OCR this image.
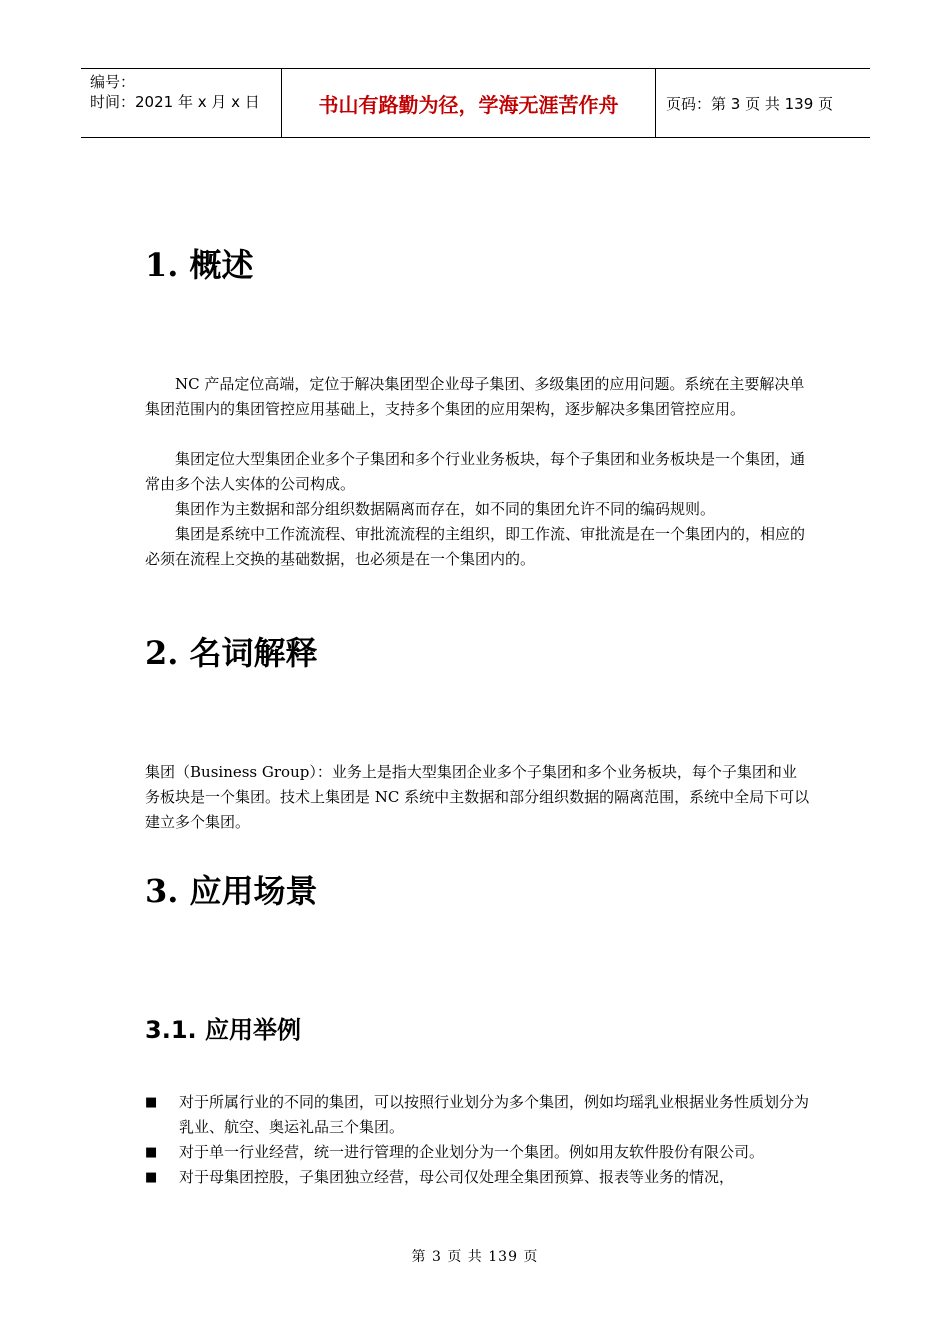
编号：
时间：2021 年 x 月 x 日	书山有路勤为径，学海无涯苦作舟	页码：第 3 页 共 139 页
1. 概述

NC 产品定位高端，定位于解决集团型企业母子集团、多级集团的应用问题。系统在主要解决单集团范围内的集团管控应用基础上，支持多个集团的应用架构，逐步解决多集团管控应用。

集团定位大型集团企业多个子集团和多个行业业务板块，每个子集团和业务板块是一个集团，通常由多个法人实体的公司构成。

集团作为主数据和部分组织数据隔离而存在，如不同的集团允许不同的编码规则。

集团是系统中工作流流程、审批流流程的主组织，即工作流、审批流是在一个集团内的，相应的必须在流程上交换的基础数据，也必须是在一个集团内的。

2. 名词解释

集团（Business Group）：业务上是指大型集团企业多个子集团和多个业务板块，每个子集团和业务板块是一个集团。技术上集团是 NC 系统中主数据和部分组织数据的隔离范围，系统中全局下可以建立多个集团。

3. 应用场景
3.1. 应用举例
■ 对于所属行业的不同的集团，可以按照行业划分为多个集团，例如均瑶乳业根据业务性质划分为乳业、航空、奥运礼品三个集团。
■ 对于单一行业经营，统一进行管理的企业划分为一个集团。例如用友软件股份有限公司。
■ 对于母集团控股，子集团独立经营，母公司仅处理全集团预算、报表等业务的情况，
第 3 页 共 139 页
